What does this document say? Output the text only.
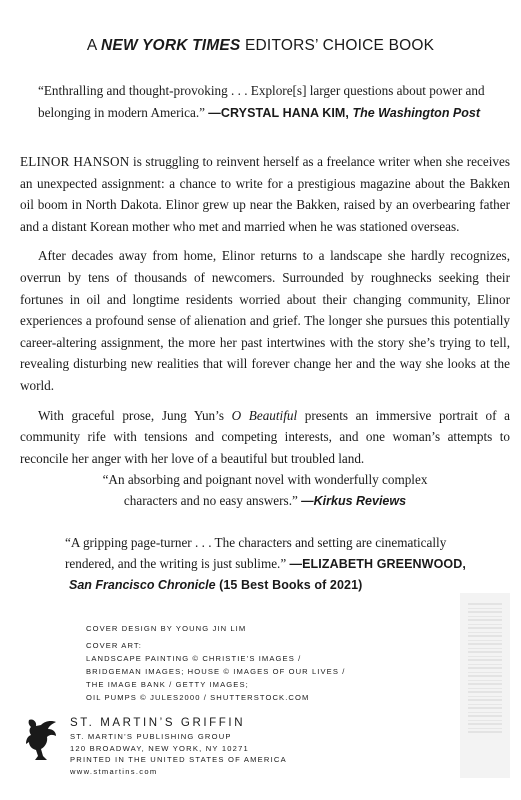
A NEW YORK TIMES EDITORS’ CHOICE BOOK
“Enthralling and thought-provoking . . . Explore[s] larger questions about power and belonging in modern America.” —CRYSTAL HANA KIM, The Washington Post

ELINOR HANSON is struggling to reinvent herself as a freelance writer when she receives an unexpected assignment: a chance to write for a prestigious magazine about the Bakken oil boom in North Dakota. Elinor grew up near the Bakken, raised by an overbearing father and a distant Korean mother who met and married when he was stationed overseas.

After decades away from home, Elinor returns to a landscape she hardly recognizes, overrun by tens of thousands of newcomers. Surrounded by roughnecks seeking their fortunes in oil and longtime residents worried about their changing community, Elinor experiences a profound sense of alienation and grief. The longer she pursues this potentially career-altering assignment, the more her past intertwines with the story she’s trying to tell, revealing disturbing new realities that will forever change her and the way she looks at the world.

With graceful prose, Jung Yun’s O Beautiful presents an immersive portrait of a community rife with tensions and competing interests, and one woman’s attempts to reconcile her anger with her love of a beautiful but troubled land.

“An absorbing and poignant novel with wonderfully complex
characters and no easy answers.” —Kirkus Reviews
“A gripping page-turner . . . The characters and setting are cinematically rendered, and the writing is just sublime.” —ELIZABETH GREENWOOD,
San Francisco Chronicle (15 Best Books of 2021)
COVER DESIGN BY YOUNG JIN LIM
COVER ART:
LANDSCAPE PAINTING © CHRISTIE’S IMAGES /
BRIDGEMAN IMAGES; HOUSE © IMAGES OF OUR LIVES /
THE IMAGE BANK / GETTY IMAGES;
OIL PUMPS © JULES2000 / SHUTTERSTOCK.COM
ST. MARTIN’S GRIFFIN
ST. MARTIN’S PUBLISHING GROUP
120 BROADWAY, NEW YORK, NY 10271
PRINTED IN THE UNITED STATES OF AMERICA
www.stmartins.com
